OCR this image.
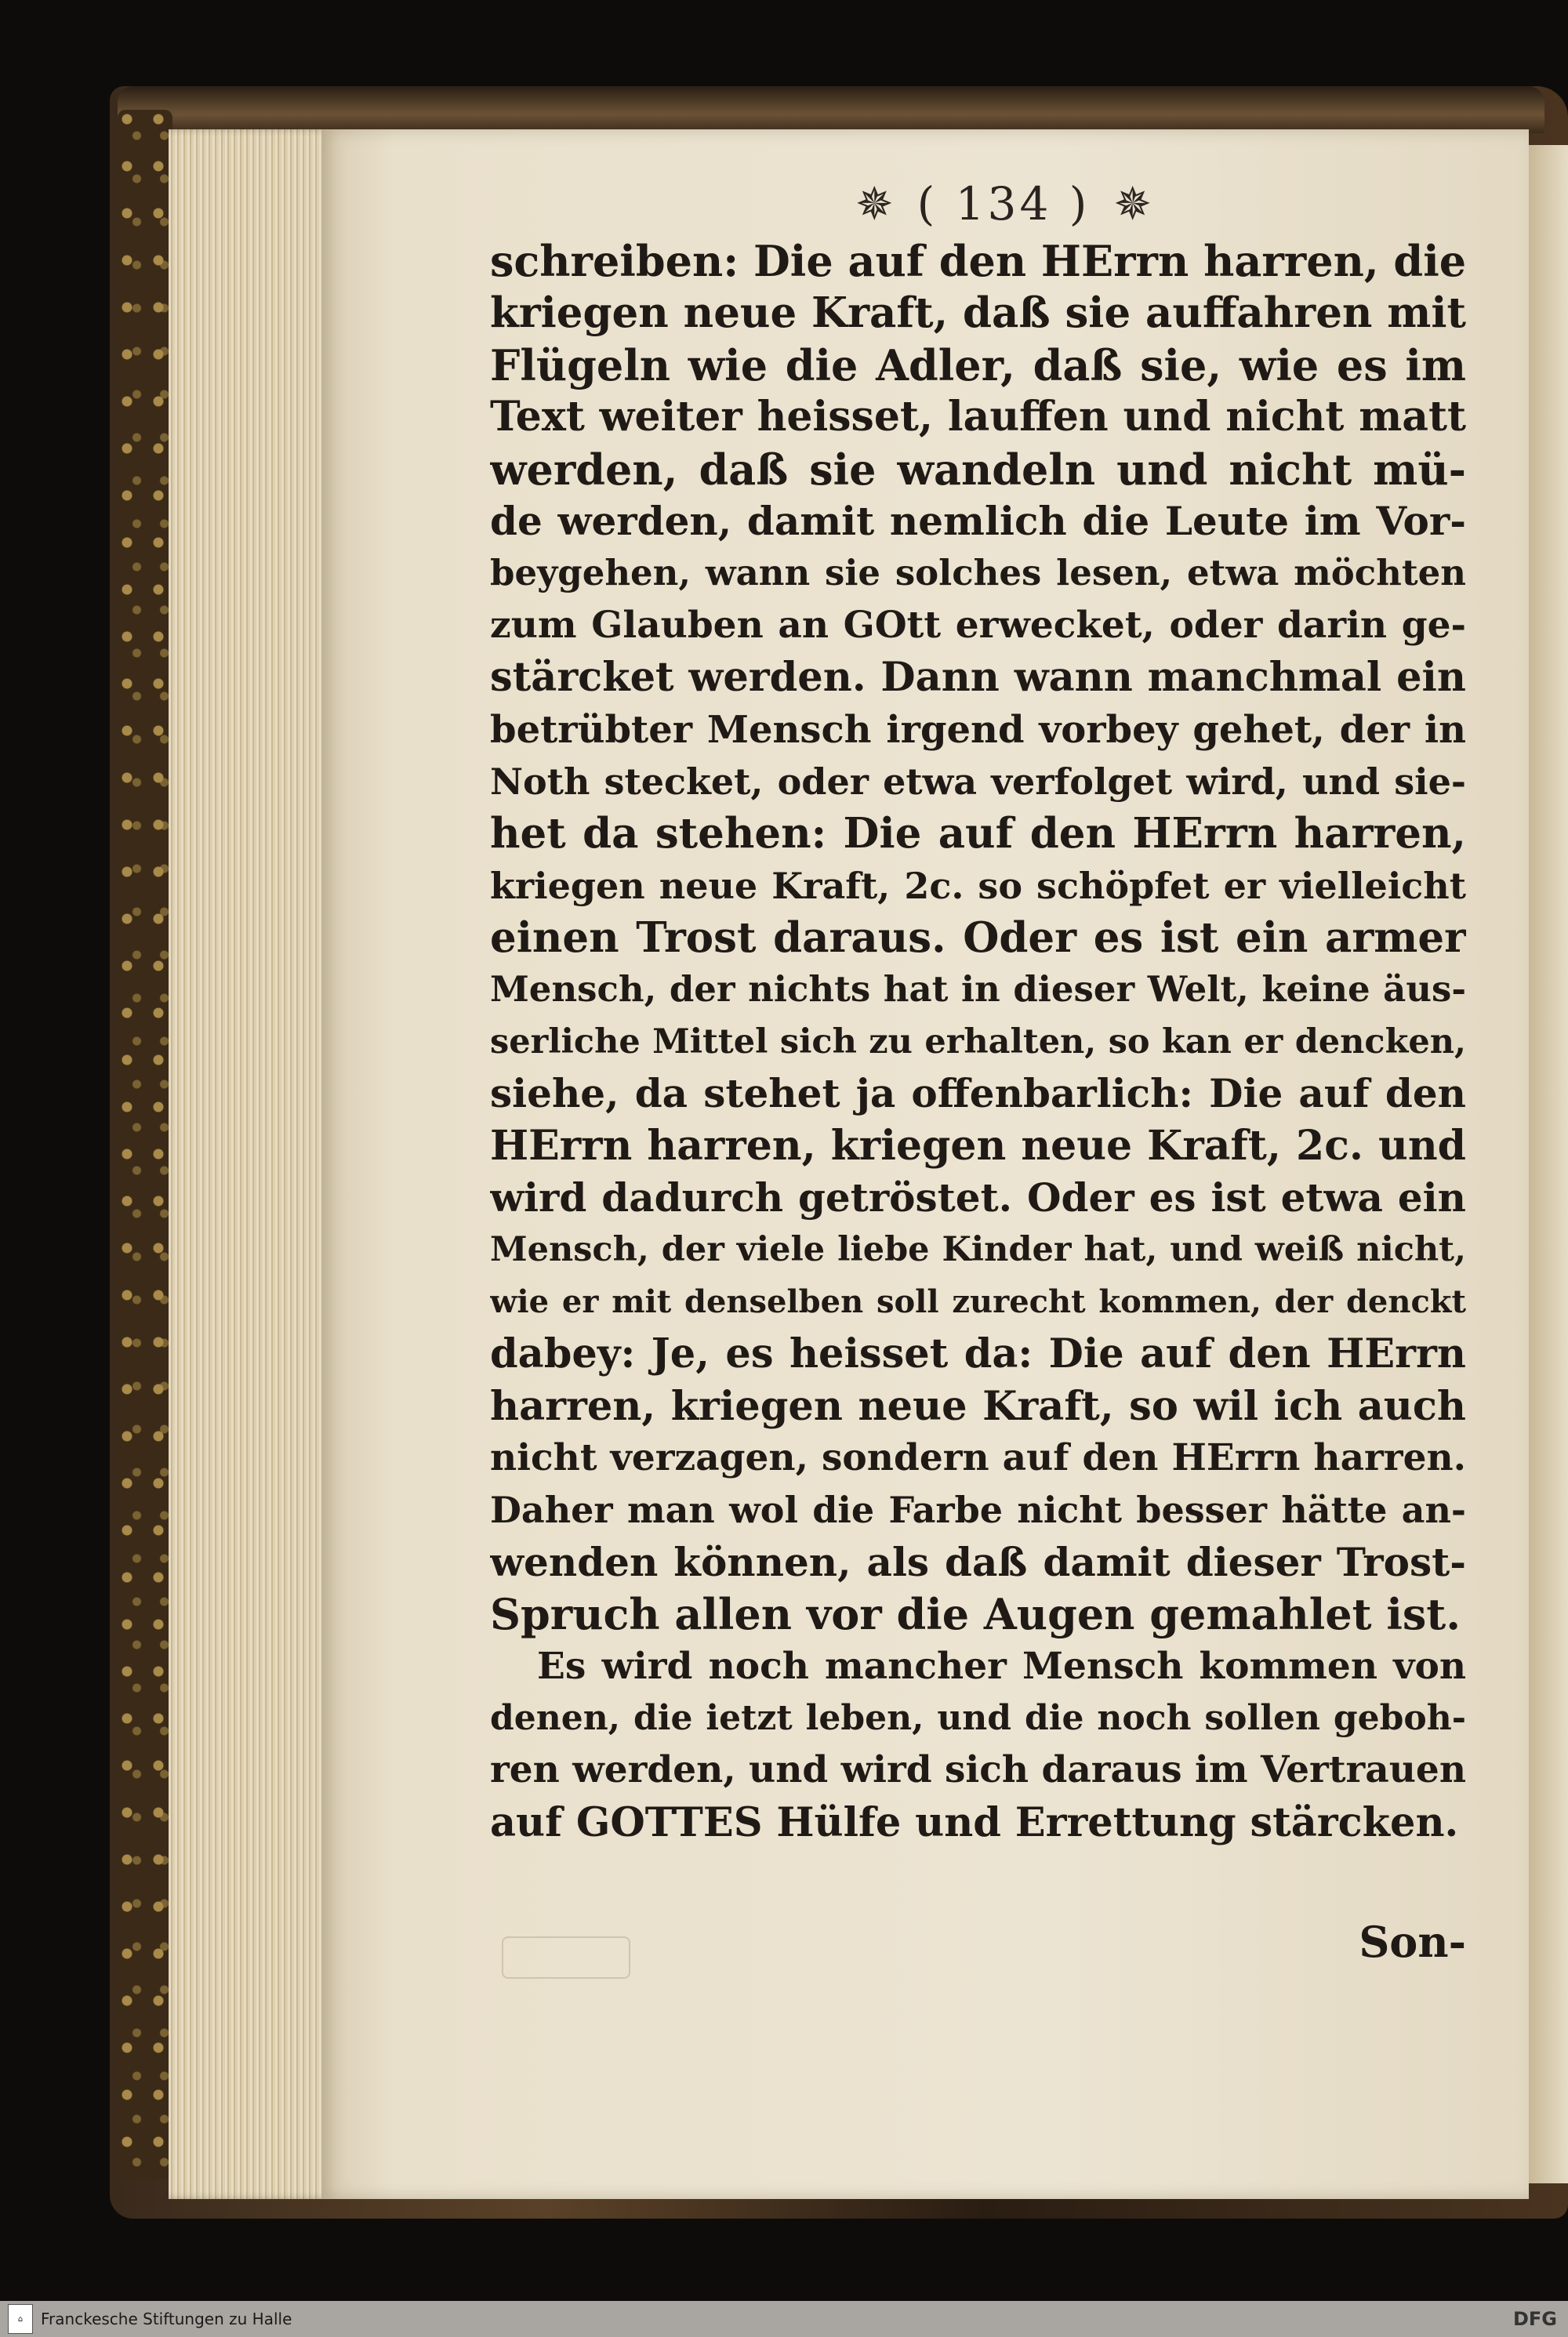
✵ ( 134 ) ✵
schreiben: Die auf den HErrn harren, die
kriegen neue Kraft, daß sie auffahren mit
Flügeln wie die Adler, daß sie, wie es im
Text weiter heisset, lauffen und nicht matt
werden, daß sie wandeln und nicht mü-
de werden, damit nemlich die Leute im Vor-
beygehen, wann sie solches lesen, etwa möchten
zum Glauben an GOtt erwecket, oder darin ge-
stärcket werden. Dann wann manchmal ein
betrübter Mensch irgend vorbey gehet, der in
Noth stecket, oder etwa verfolget wird, und sie-
het da stehen: Die auf den HErrn harren,
kriegen neue Kraft, 2c. so schöpfet er vielleicht
einen Trost daraus. Oder es ist ein armer
Mensch, der nichts hat in dieser Welt, keine äus-
serliche Mittel sich zu erhalten, so kan er dencken,
siehe, da stehet ja offenbarlich: Die auf den
HErrn harren, kriegen neue Kraft, 2c. und
wird dadurch getröstet. Oder es ist etwa ein
Mensch, der viele liebe Kinder hat, und weiß nicht,
wie er mit denselben soll zurecht kommen, der denckt
dabey: Je, es heisset da: Die auf den HErrn
harren, kriegen neue Kraft, so wil ich auch
nicht verzagen, sondern auf den HErrn harren.
Daher man wol die Farbe nicht besser hätte an-
wenden können, als daß damit dieser Trost-
Spruch allen vor die Augen gemahlet ist.
Es wird noch mancher Mensch kommen von
denen, die ietzt leben, und die noch sollen geboh-
ren werden, und wird sich daraus im Vertrauen
auf GOTTES Hülfe und Errettung stärcken.
Son-
⌂	Franckesche Stiftungen zu Halle	DFG
